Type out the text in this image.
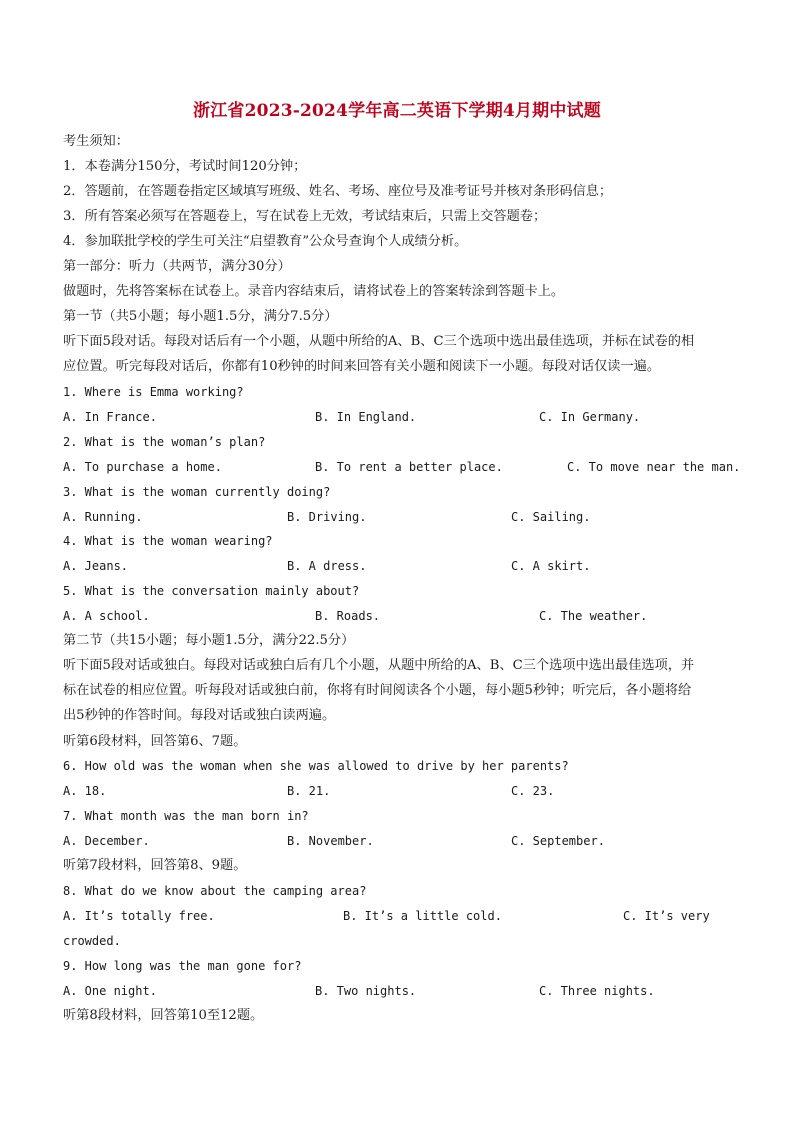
浙江省2023-2024学年高二英语下学期4月期中试题
考生须知：
1．本卷满分150分，考试时间120分钟；
2．答题前，在答题卷指定区域填写班级、姓名、考场、座位号及准考证号并核对条形码信息；
3．所有答案必须写在答题卷上，写在试卷上无效，考试结束后，只需上交答题卷；
4．参加联批学校的学生可关注“启望教育”公众号查询个人成绩分析。
第一部分：听力（共两节，满分30分）
做题时，先将答案标在试卷上。录音内容结束后，请将试卷上的答案转涂到答题卡上。
第一节（共5小题；每小题1.5分，满分7.5分）
听下面5段对话。每段对话后有一个小题，从题中所给的A、B、C三个选项中选出最佳选项，并标在试卷的相
应位置。听完每段对话后，你都有10秒钟的时间来回答有关小题和阅读下一小题。每段对话仅读一遍。
1. Where is Emma working?
A. In France.	B. In England.	C. In Germany.
2. What is the woman’s plan?
A. To purchase a home.	B. To rent a better place.	C. To move near the man.
3. What is the woman currently doing?
A. Running.	B. Driving.	C. Sailing.
4. What is the woman wearing?
A. Jeans.	B. A dress.	C. A skirt.
5. What is the conversation mainly about?
A. A school.	B. Roads.	C. The weather.
第二节（共15小题；每小题1.5分，满分22.5分）
听下面5段对话或独白。每段对话或独白后有几个小题，从题中所给的A、B、C三个选项中选出最佳选项，并
标在试卷的相应位置。听每段对话或独白前，你将有时间阅读各个小题，每小题5秒钟；听完后，各小题将给
出5秒钟的作答时间。每段对话或独白读两遍。
听第6段材料，回答第6、7题。
6. How old was the woman when she was allowed to drive by her parents?
A. 18.	B. 21.	C. 23.
7. What month was the man born in?
A. December.	B. November.	C. September.
听第7段材料，回答第8、9题。
8. What do we know about the camping area?
A. It’s totally free.	B. It’s a little cold.	C. It’s very
crowded.
9. How long was the man gone for?
A. One night.	B. Two nights.	C. Three nights.
听第8段材料，回答第10至12题。
